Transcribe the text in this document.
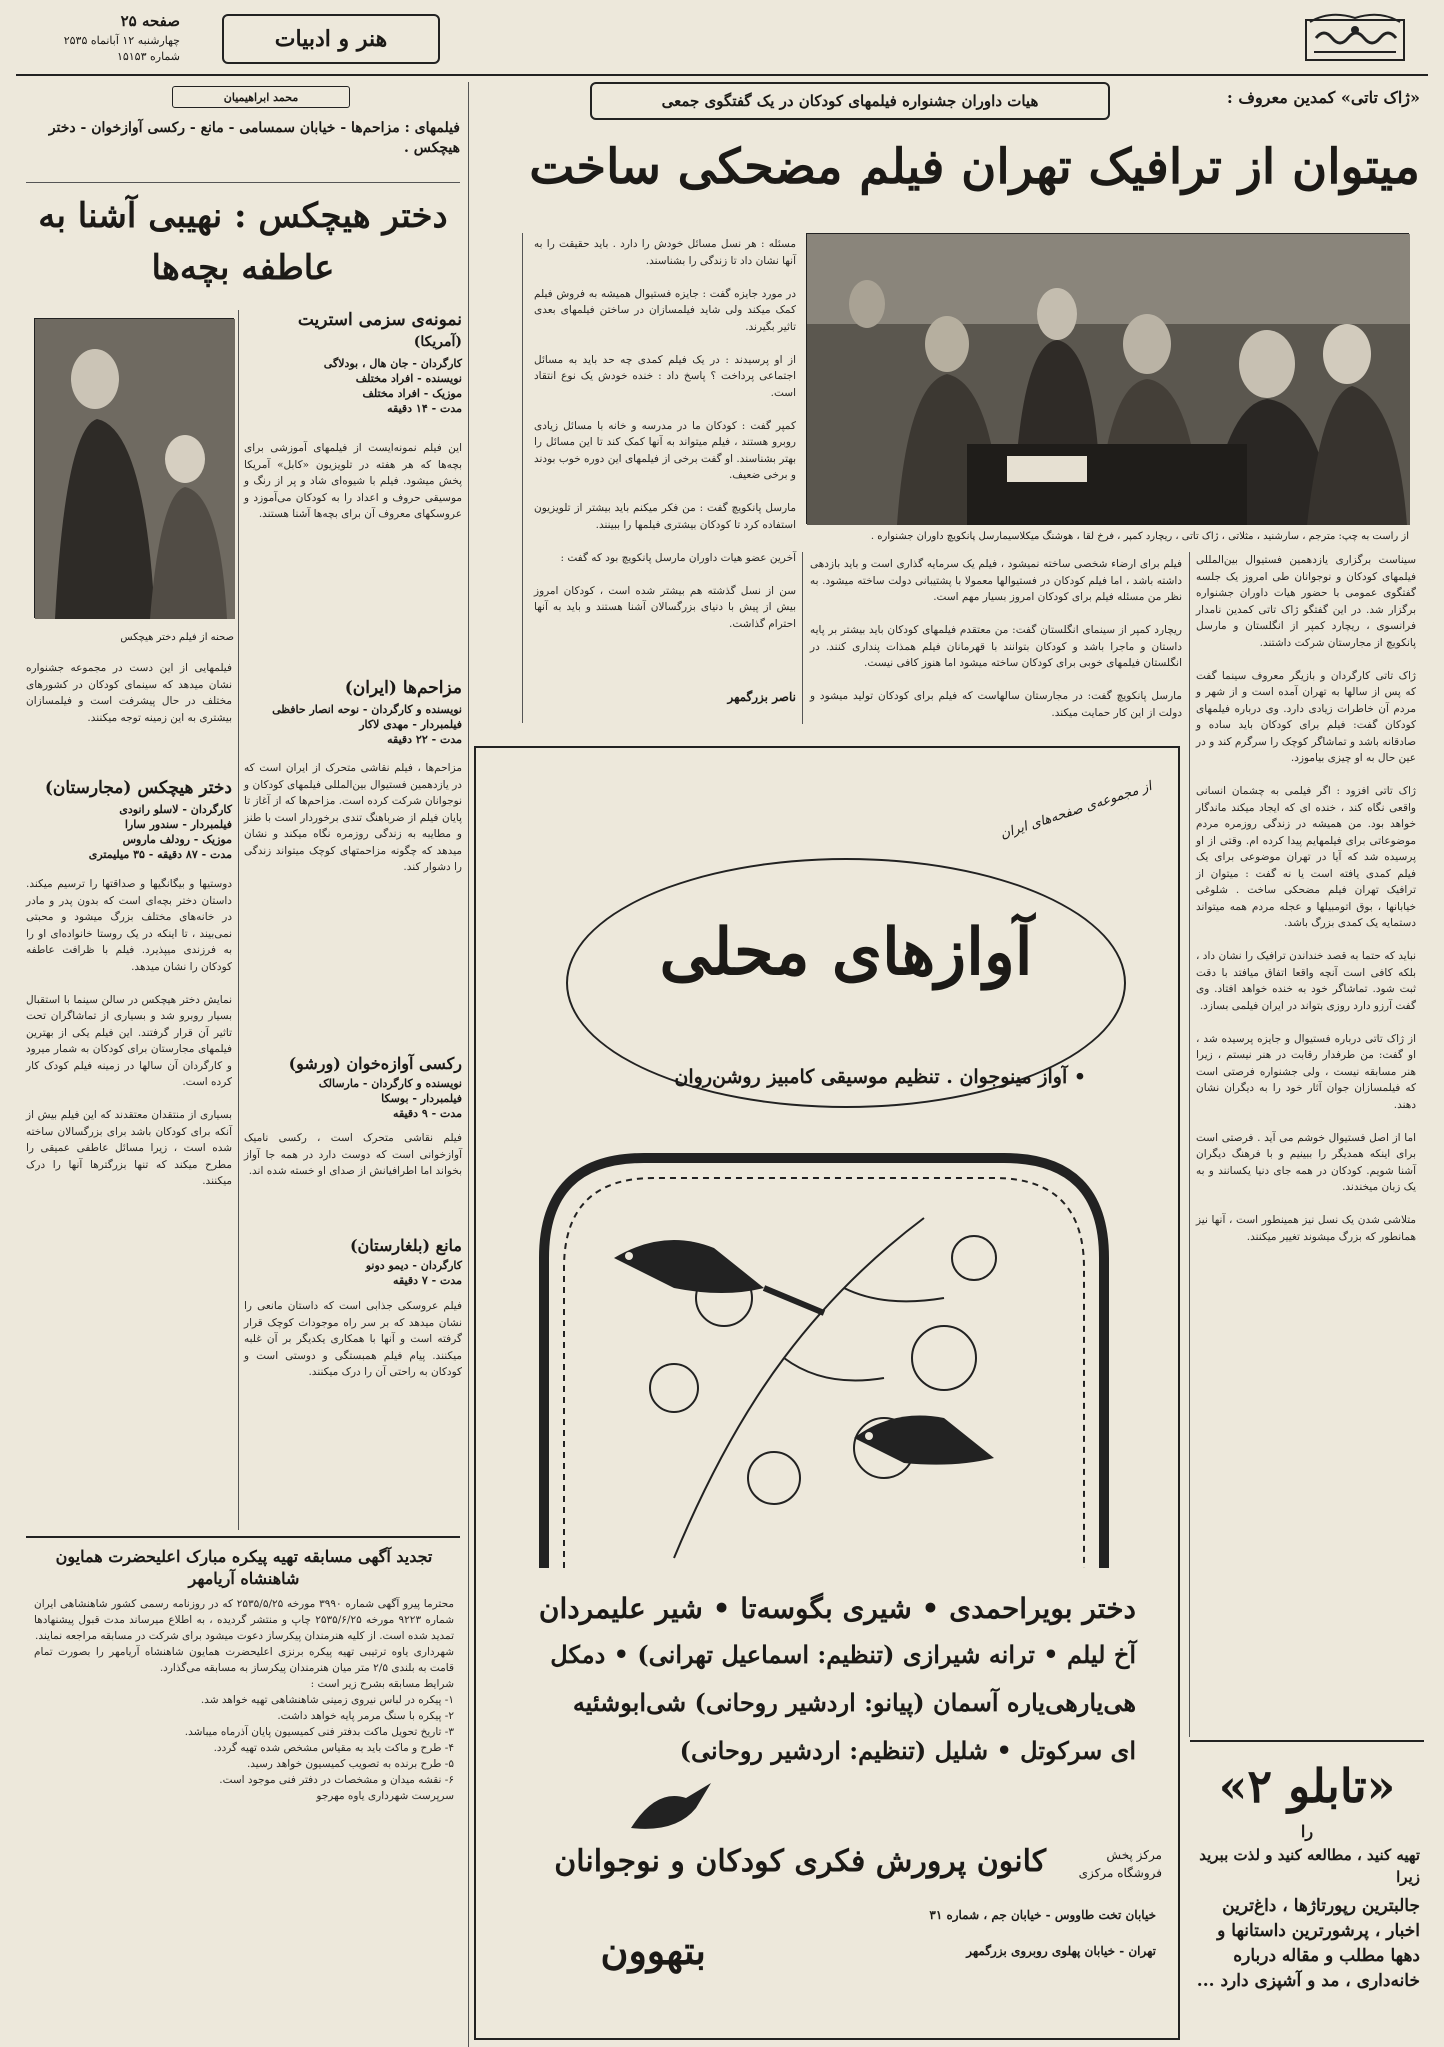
صفحه ۲۵
چهارشنبه ۱۲ آبانماه ۲۵۳۵
شماره ۱۵۱۵۳
هنر و ادبیات
«ژاک تاتی» کمدین معروف :
هیات داوران جشنواره فیلمهای کودکان در یک گفتگوی جمعی
میتوان از ترافیک تهران فیلم مضحکی ساخت
از راست به چپ: مترجم ، سارشنید ، مثلاتی ، ژاک تاتی ، ریچارد کمپر ، فرخ لقا ، هوشنگ میکلاسیمارسل پانکویچ داوران جشنواره .
سیناست برگزاری یازدهمین فستیوال بین‌المللی فیلمهای کودکان و نوجوانان طی امروز یک جلسه گفتگوی عمومی با حضور هیات داوران جشنواره برگزار شد. در این گفتگو ژاک تاتی کمدین نامدار فرانسوی ، ریچارد کمپر از انگلستان و مارسل پانکویچ از مجارستان شرکت داشتند.

ژاک تاتی کارگردان و بازیگر معروف سینما گفت که پس از سالها به تهران آمده است و از شهر و مردم آن خاطرات زیادی دارد. وی درباره فیلمهای کودکان گفت: فیلم برای کودکان باید ساده و صادقانه باشد و تماشاگر کوچک را سرگرم کند و در عین حال به او چیزی بیاموزد.

ژاک تاتی افزود : اگر فیلمی به چشمان انسانی واقعی نگاه کند ، خنده ای که ایجاد میکند ماندگار خواهد بود. من همیشه در زندگی روزمره مردم موضوعاتی برای فیلمهایم پیدا کرده ام. وقتی از او پرسیده شد که آیا در تهران موضوعی برای یک فیلم کمدی یافته است یا نه گفت : میتوان از ترافیک تهران فیلم مضحکی ساخت . شلوغی خیابانها ، بوق اتومبیلها و عجله مردم همه میتواند دستمایه یک کمدی بزرگ باشد.

نباید که حتما به قصد خنداندن ترافیک را نشان داد ، بلکه کافی است آنچه واقعا اتفاق میافتد با دقت ثبت شود. تماشاگر خود به خنده خواهد افتاد. وی گفت آرزو دارد روزی بتواند در ایران فیلمی بسازد.

از ژاک تاتی درباره فستیوال و جایزه پرسیده شد ، او گفت: من طرفدار رقابت در هنر نیستم ، زیرا هنر مسابقه نیست ، ولی جشنواره فرصتی است که فیلمسازان جوان آثار خود را به دیگران نشان دهند.

اما از اصل فستیوال خوشم می آید . فرصتی است برای اینکه همدیگر را ببینیم و با فرهنگ دیگران آشنا شویم. کودکان در همه جای دنیا یکسانند و به یک زبان میخندند.

متلاشی شدن یک نسل نیز همینطور است ، آنها نیز همانطور که بزرگ میشوند تغییر میکنند.
فیلم برای ارضاء شخصی ساخته نمیشود ، فیلم یک سرمایه گذاری است و باید بازدهی داشته باشد ، اما فیلم کودکان در فستیوالها معمولا با پشتیبانی دولت ساخته میشود. به نظر من مسئله فیلم برای کودکان امروز بسیار مهم است.

ریچارد کمپر از سینمای انگلستان گفت: من معتقدم فیلمهای کودکان باید بیشتر بر پایه داستان و ماجرا باشد و کودکان بتوانند با قهرمانان فیلم همذات پنداری کنند. در انگلستان فیلمهای خوبی برای کودکان ساخته میشود اما هنوز کافی نیست.

مارسل پانکویچ گفت: در مجارستان سالهاست که فیلم برای کودکان تولید میشود و دولت از این کار حمایت میکند.
مسئله : هر نسل مسائل خودش را دارد . باید حقیقت را به آنها نشان داد تا زندگی را بشناسند.

در مورد جایزه گفت : جایزه فستیوال همیشه به فروش فیلم کمک میکند ولی شاید فیلمسازان در ساختن فیلمهای بعدی تاثیر بگیرند.

از او پرسیدند : در یک فیلم کمدی چه حد باید به مسائل اجتماعی پرداخت ؟ پاسخ داد : خنده خودش یک نوع انتقاد است.

کمپر گفت : کودکان ما در مدرسه و خانه با مسائل زیادی روبرو هستند ، فیلم میتواند به آنها کمک کند تا این مسائل را بهتر بشناسند. او گفت برخی از فیلمهای این دوره خوب بودند و برخی ضعیف.

مارسل پانکویچ گفت : من فکر میکنم باید بیشتر از تلویزیون استفاده کرد تا کودکان بیشتری فیلمها را ببینند.

آخرین عضو هیات داوران مارسل پانکویچ بود که گفت :

سن از نسل گذشته هم بیشتر شده است ، کودکان امروز بیش از پیش با دنیای بزرگسالان آشنا هستند و باید به آنها احترام گذاشت.
ناصر بزرگمهر
محمد ابراهیمیان
فیلمهای : مزاحم‌ها - خیابان سمسامی - مانع - رکسی آوازخوان - دختر هیچکس .
دختر هیچکس : نهیبی آشنا به عاطفه بچه‌ها
صحنه از فیلم دختر هیچکس
نمونه‌ی سزمی استریت
(آمریکا)
کارگردان - جان هال ، بودلاگی
نویسنده - افراد مختلف
موزیک - افراد مختلف
مدت - ۱۴ دقیقه
این فیلم نمونه‌ایست از فیلمهای آموزشی برای بچه‌ها که هر هفته در تلویزیون «کابل» آمریکا پخش میشود. فیلم با شیوه‌ای شاد و پر از رنگ و موسیقی حروف و اعداد را به کودکان می‌آموزد و عروسکهای معروف آن برای بچه‌ها آشنا هستند.
مزاحم‌ها (ایران)
نویسنده و کارگردان - نوحه انصار حافظی
فیلمبردار - مهدی لاکار
مدت - ۲۲ دقیقه
مزاحم‌ها ، فیلم نقاشی متحرک از ایران است که در یازدهمین فستیوال بین‌المللی فیلمهای کودکان و نوجوانان شرکت کرده است. مزاحم‌ها که از آغاز تا پایان فیلم از ضرباهنگ تندی برخوردار است با طنز و مطایبه به زندگی روزمره نگاه میکند و نشان میدهد که چگونه مزاحمتهای کوچک میتواند زندگی را دشوار کند.
رکسی آوازه‌خوان (ورشو)
نویسنده و کارگردان - مارسالک
فیلمبردار - بوسکا
مدت - ۹ دقیقه
فیلم نقاشی متحرک است ، رکسی نامیک آوازخوانی است که دوست دارد در همه جا آواز بخواند اما اطرافیانش از صدای او خسته شده اند.
مانع (بلغارستان)
کارگردان - دیمو دونو
مدت - ۷ دقیقه
فیلم عروسکی جذابی است که داستان مانعی را نشان میدهد که بر سر راه موجودات کوچک قرار گرفته است و آنها با همکاری یکدیگر بر آن غلبه میکنند. پیام فیلم همبستگی و دوستی است و کودکان به راحتی آن را درک میکنند.
دختر هیچکس (مجارستان)
کارگردان - لاسلو رانودی
فیلمبردار - سندور سارا
موزیک - رودلف ماروس
مدت - ۸۷ دقیقه - ۳۵ میلیمتری
فیلمهایی از این دست در مجموعه جشنواره نشان میدهد که سینمای کودکان در کشورهای مختلف در حال پیشرفت است و فیلمسازان بیشتری به این زمینه توجه میکنند.
دوستیها و بیگانگیها و صداقتها را ترسیم میکند. داستان دختر بچه‌ای است که بدون پدر و مادر در خانه‌های مختلف بزرگ میشود و محبتی نمی‌بیند ، تا اینکه در یک روستا خانواده‌ای او را به فرزندی میپذیرد. فیلم با ظرافت عاطفه کودکان را نشان میدهد.

نمایش دختر هیچکس در سالن سینما با استقبال بسیار روبرو شد و بسیاری از تماشاگران تحت تاثیر آن قرار گرفتند. این فیلم یکی از بهترین فیلمهای مجارستان برای کودکان به شمار میرود و کارگردان آن سالها در زمینه فیلم کودک کار کرده است.

بسیاری از منتقدان معتقدند که این فیلم بیش از آنکه برای کودکان باشد برای بزرگسالان ساخته شده است ، زیرا مسائل عاطفی عمیقی را مطرح میکند که تنها بزرگترها آنها را درک میکنند.
تجدید آگهی مسابقه تهیه پیکره مبارک اعلیحضرت همایون شاهنشاه آریامهر
محترما پیرو آگهی شماره ۳۹۹۰ مورخه ۲۵۳۵/۵/۲۵ که در روزنامه رسمی کشور شاهنشاهی ایران شماره ۹۲۲۳ مورخه ۲۵۳۵/۶/۲۵ چاپ و منتشر گردیده ، به اطلاع میرساند مدت قبول پیشنهادها تمدید شده است. از کلیه هنرمندان پیکرساز دعوت میشود برای شرکت در مسابقه مراجعه نمایند.
شهرداری یاوه ترتیبی تهیه پیکره برنزی اعلیحضرت همایون شاهنشاه آریامهر را بصورت تمام قامت به بلندی ۲/۵ متر میان هنرمندان پیکرساز به مسابقه می‌گذارد.
شرایط مسابقه بشرح زیر است :
۱- پیکره در لباس نیروی زمینی شاهنشاهی تهیه خواهد شد.
۲- پیکره با سنگ مرمر پایه خواهد داشت.
۳- تاریخ تحویل ماکت بدفتر فنی کمیسیون پایان آذرماه میباشد.
۴- طرح و ماکت باید به مقیاس مشخص شده تهیه گردد.
۵- طرح برنده به تصویب کمیسیون خواهد رسید.
۶- نقشه میدان و مشخصات در دفتر فنی موجود است.
سرپرست شهرداری یاوه مهرجو
از مجموعه‌ی صفحه‌های ایران
آوازهای محلی
• آواز مینوجوان . تنظیم موسیقی کامبیز روشن‌روان
دختر بویراحمدی • شیری بگوسه‌تا • شیر علیمردان
آخ لیلم • ترانه شیرازی (تنظیم: اسماعیل تهرانی) • دمکل
هی‌یارهی‌یاره آسمان (پیانو: اردشیر روحانی) شی‌ابوشئیه
ای سرکوتل • شلیل (تنظیم: اردشیر روحانی)
مرکز پخش
فروشگاه مرکزی
کانون پرورش فکری کودکان و نوجوانان
خیابان تخت طاووس - خیابان جم ، شماره ۳۱
تهران - خیابان پهلوی روبروی بزرگمهر
بتهوون
«تابلو ۲»
را
تهیه کنید ، مطالعه کنید و لذت ببرید زیرا
جالبترین رپورتاژها ، داغ‌ترین اخبار ، پرشورترین داستانها و دهها مطلب و مقاله درباره خانه‌داری ، مد و آشپزی دارد ...
